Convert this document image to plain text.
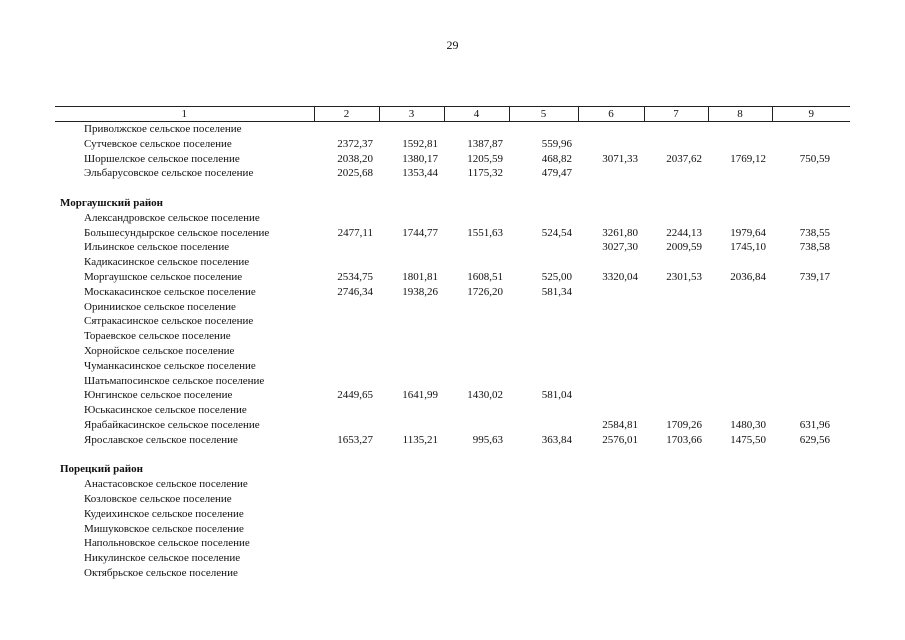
29
1	2	3	4	5	6	7	8	9
Приволжское сельское поселение								
Сутчевское сельское поселение	2372,37	1592,81	1387,87	559,96				
Шоршелское сельское поселение	2038,20	1380,17	1205,59	468,82	3071,33	2037,62	1769,12	750,59
Эльбарусовское сельское поселение	2025,68	1353,44	1175,32	479,47				

Моргаушский район								
Александровское сельское поселение								
Большесундырское сельское поселение	2477,11	1744,77	1551,63	524,54	3261,80	2244,13	1979,64	738,55
Ильинское сельское поселение					3027,30	2009,59	1745,10	738,58
Кадикасинское сельское поселение								
Моргаушское сельское поселение	2534,75	1801,81	1608,51	525,00	3320,04	2301,53	2036,84	739,17
Москакасинское сельское поселение	2746,34	1938,26	1726,20	581,34				
Оринииское сельское поселение								
Сятракасинское сельское поселение								
Тораевское сельское поселение								
Хорнойское сельское поселение								
Чуманкасинское сельское поселение								
Шатьмапосинское сельское поселение								
Юнгинское сельское поселение	2449,65	1641,99	1430,02	581,04				
Юськасинское сельское поселение								
Ярабайкасинское сельское поселение					2584,81	1709,26	1480,30	631,96
Ярославское сельское поселение	1653,27	1135,21	995,63	363,84	2576,01	1703,66	1475,50	629,56

Порецкий район								
Анастасовское сельское поселение								
Козловское сельское поселение								
Кудеихинское сельское поселение								
Мишуковское сельское поселение								
Напольновское сельское поселение								
Никулинское сельское поселение								
Октябрьское сельское поселение								
